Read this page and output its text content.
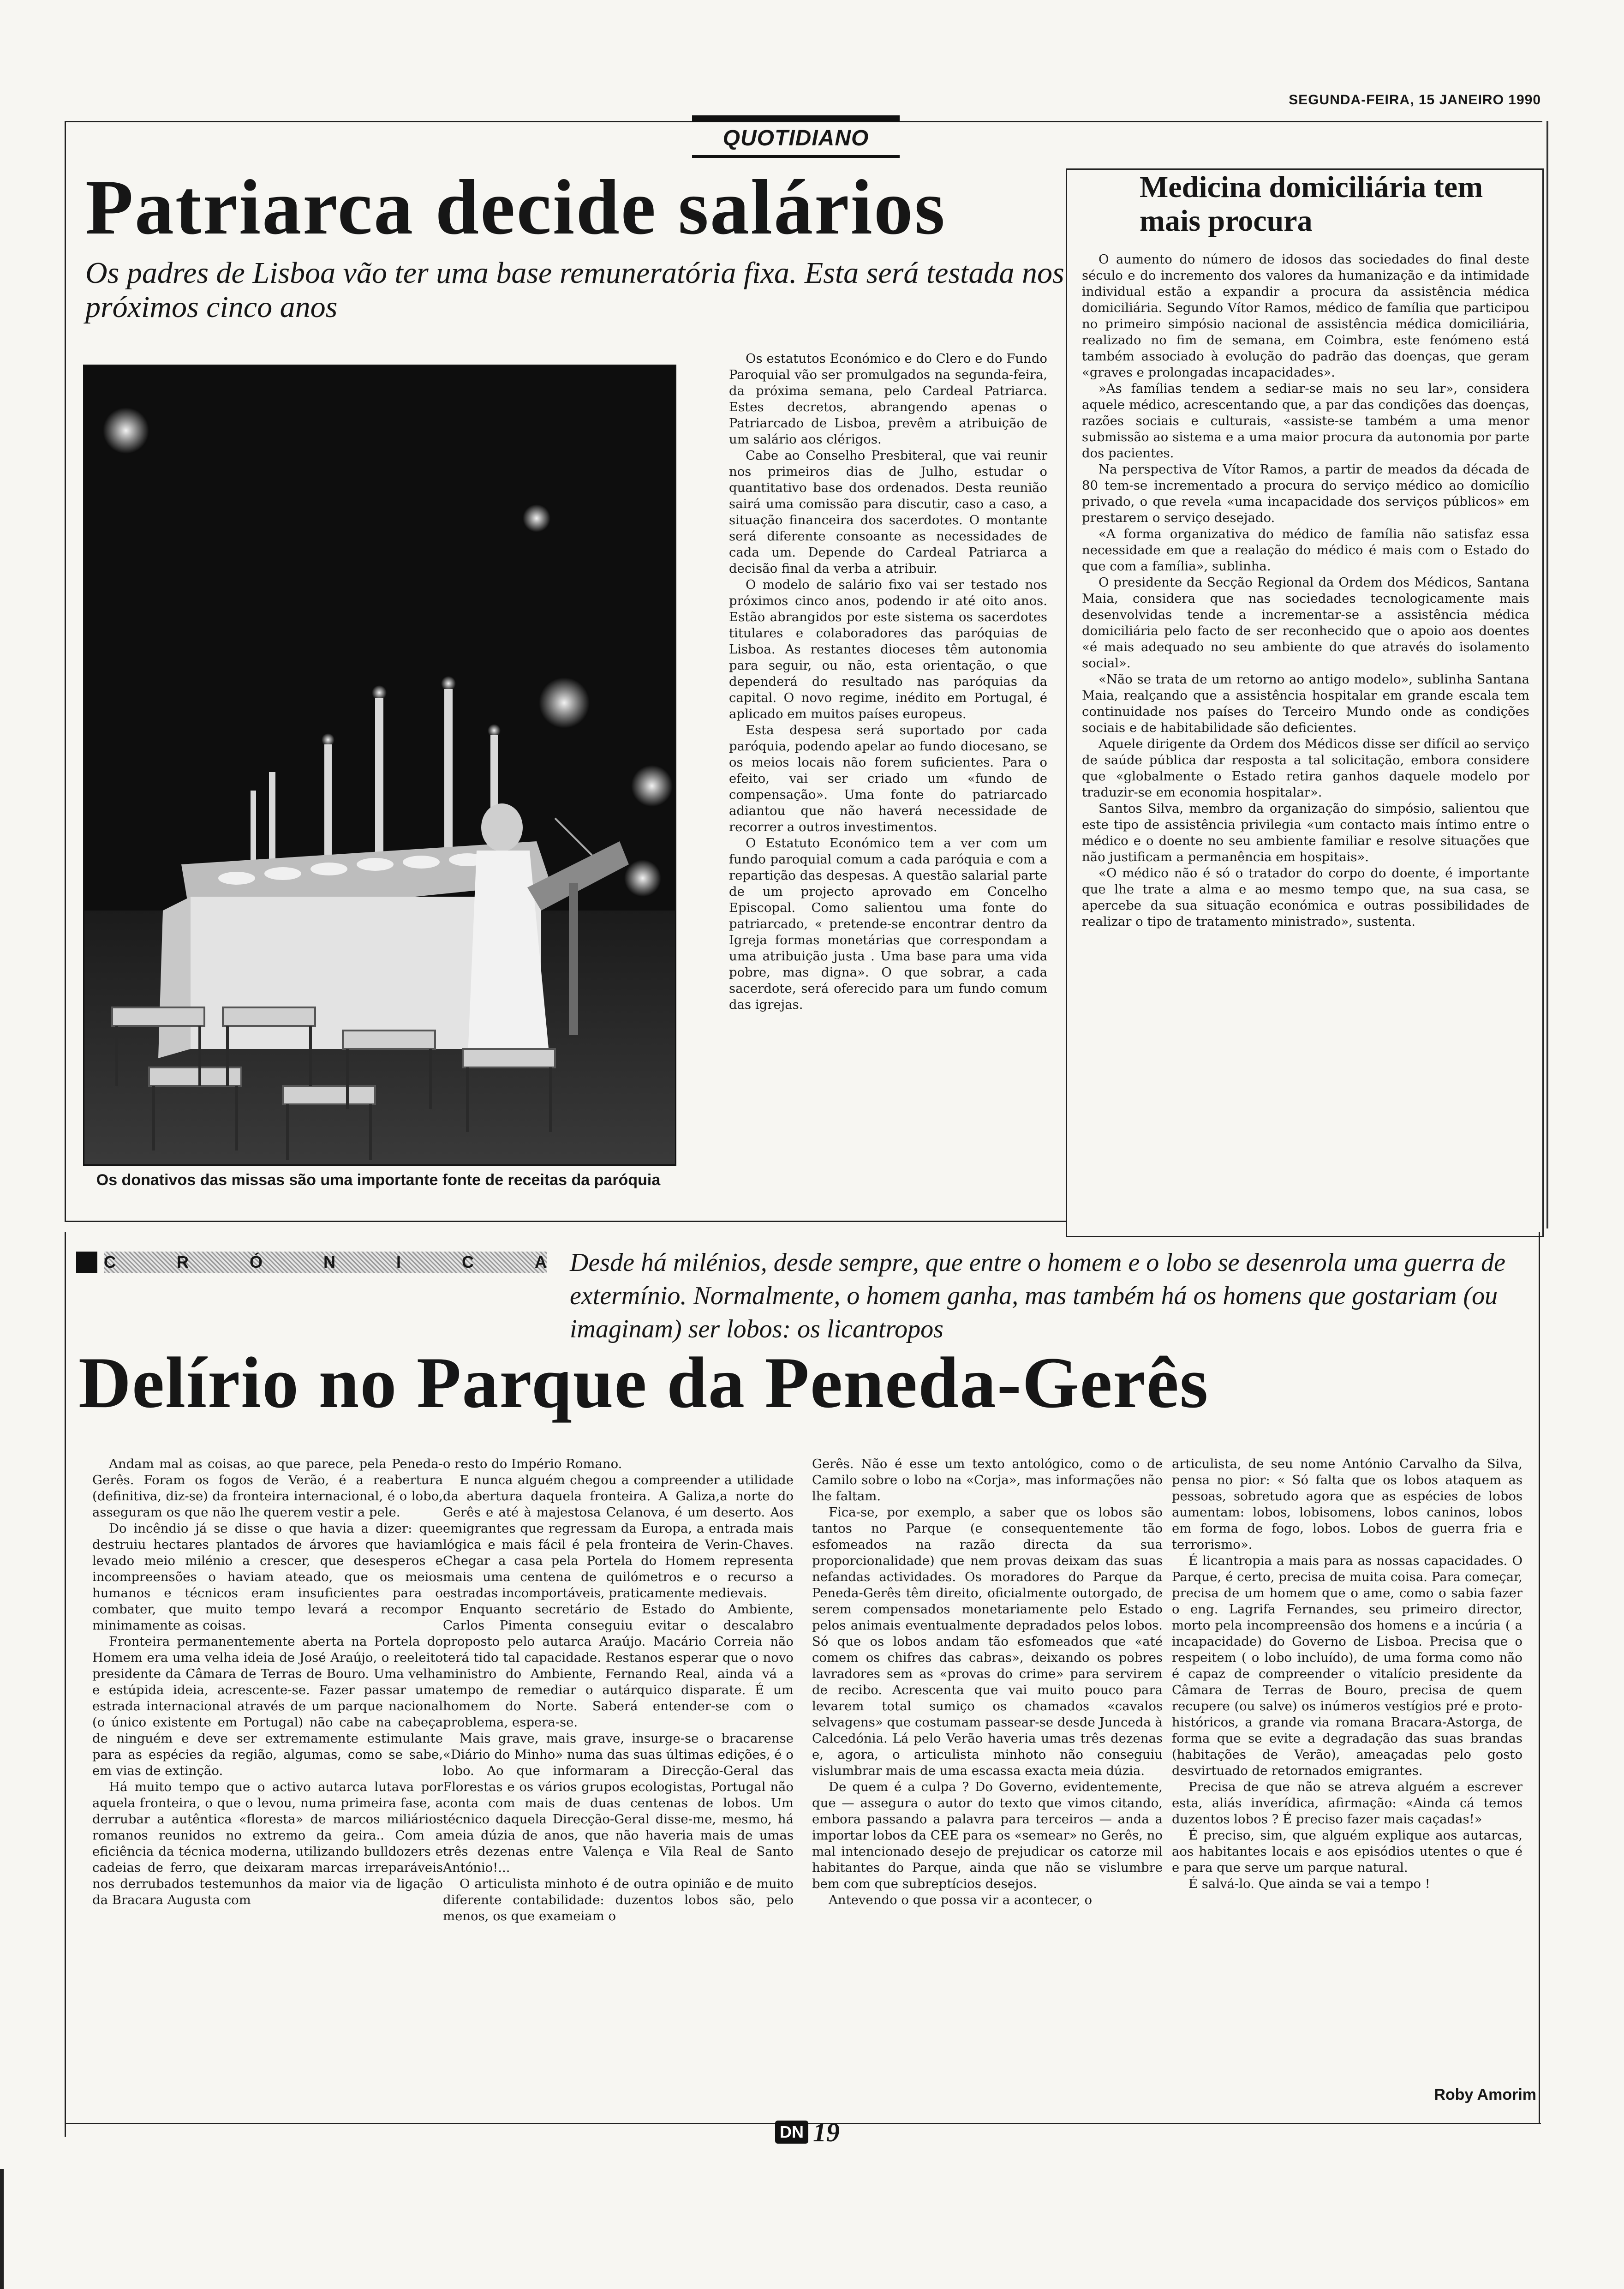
SEGUNDA-FEIRA, 15 JANEIRO 1990
QUOTIDIANO
Patriarca decide salários
Os padres de Lisboa vão ter uma base remuneratória fixa. Esta será testada nos próximos cinco anos
Os donativos das missas são uma importante fonte de receitas da paróquia

Os estatutos Económico e do Clero e do Fundo Paroquial vão ser promulgados na segunda-feira, da próxima semana, pelo Cardeal Patriarca. Estes decretos, abrangendo apenas o Patriarcado de Lisboa, prevêm a atribuição de um salário aos clérigos.

Cabe ao Conselho Presbiteral, que vai reunir nos primeiros dias de Julho, estudar o quantitativo base dos ordenados. Desta reunião sairá uma comissão para discutir, caso a caso, a situação financeira dos sacerdotes. O montante será diferente consoante as necessidades de cada um. Depende do Cardeal Patriarca a decisão final da verba a atribuir.

O modelo de salário fixo vai ser testado nos próximos cinco anos, podendo ir até oito anos. Estão abrangidos por este sistema os sacerdotes titulares e colaboradores das paróquias de Lisboa. As restantes dioceses têm autonomia para seguir, ou não, esta orientação, o que dependerá do resultado nas paróquias da capital. O novo regime, inédito em Portugal, é aplicado em muitos países europeus.

Esta despesa será suportado por cada paróquia, podendo apelar ao fundo diocesano, se os meios locais não forem suficientes. Para o efeito, vai ser criado um «fundo de compensação». Uma fonte do patriarcado adiantou que não haverá necessidade de recorrer a outros investimentos.

O Estatuto Económico tem a ver com um fundo paroquial comum a cada paróquia e com a repartição das despesas. A questão salarial parte de um projecto aprovado em Concelho Episcopal. Como salientou uma fonte do patriarcado, « pretende-se encontrar dentro da Igreja formas monetárias que correspondam a uma atribuição justa . Uma base para uma vida pobre, mas digna». O que sobrar, a cada sacerdote, será oferecido para um fundo comum das igrejas.

Medicina domiciliária tem mais procura

O aumento do número de idosos das sociedades do final deste século e do incremento dos valores da humanização e da intimidade individual estão a expandir a procura da assistência médica domiciliária. Segundo Vítor Ramos, médico de família que participou no primeiro simpósio nacional de assistência médica domiciliária, realizado no fim de semana, em Coimbra, este fenómeno está também associado à evolução do padrão das doenças, que geram «graves e prolongadas incapacidades».

»As famílias tendem a sediar-se mais no seu lar», considera aquele médico, acrescentando que, a par das condições das doenças, razões sociais e culturais, «assiste-se também a uma menor submissão ao sistema e a uma maior procura da autonomia por parte dos pacientes.

Na perspectiva de Vítor Ramos, a partir de meados da década de 80 tem-se incrementado a procura do serviço médico ao domicílio privado, o que revela «uma incapacidade dos serviços públicos» em prestarem o serviço desejado.

«A forma organizativa do médico de família não satisfaz essa necessidade em que a realação do médico é mais com o Estado do que com a família», sublinha.

O presidente da Secção Regional da Ordem dos Médicos, Santana Maia, considera que nas sociedades tecnologicamente mais desenvolvidas tende a incrementar-se a assistência médica domiciliária pelo facto de ser reconhecido que o apoio aos doentes «é mais adequado no seu ambiente do que através do isolamento social».

«Não se trata de um retorno ao antigo modelo», sublinha Santana Maia, realçando que a assistência hospitalar em grande escala tem continuidade nos países do Terceiro Mundo onde as condições sociais e de habitabilidade são deficientes.

Aquele dirigente da Ordem dos Médicos disse ser difícil ao serviço de saúde pública dar resposta a tal solicitação, embora considere que «globalmente o Estado retira ganhos daquele modelo por traduzir-se em economia hospitalar».

Santos Silva, membro da organização do simpósio, salientou que este tipo de assistência privilegia «um contacto mais íntimo entre o médico e o doente no seu ambiente familiar e resolve situações que não justificam a permanência em hospitais».

«O médico não é só o tratador do corpo do doente, é importante que lhe trate a alma e ao mesmo tempo que, na sua casa, se apercebe da sua situação económica e outras possibilidades de realizar o tipo de tratamento ministrado», sustenta.

C	R	Ó	N	I	C	A Desde há milénios, desde sempre, que entre o homem e o lobo se desenrola uma guerra de extermínio. Normalmente, o homem ganha, mas também há os homens que gostariam (ou imaginam) ser lobos: os licantropos
Delírio no Parque da Peneda-Gerês

Andam mal as coisas, ao que parece, pela Peneda-Gerês. Foram os fogos de Verão, é a reabertura (definitiva, diz-se) da fronteira internacional, é o lobo, asseguram os que não lhe querem vestir a pele.

Do incêndio já se disse o que havia a dizer: que destruiu hectares plantados de árvores que haviam levado meio milénio a crescer, que desesperos e incompreensões o haviam ateado, que os meios humanos e técnicos eram insuficientes para o combater, que muito tempo levará a recompor minimamente as coisas.

Fronteira permanentemente aberta na Portela do Homem era uma velha ideia de José Araújo, o reeleito presidente da Câmara de Terras de Bouro. Uma velha e estúpida ideia, acrescente-se. Fazer passar uma estrada internacional através de um parque nacional (o único existente em Portugal) não cabe na cabeça de ninguém e deve ser extremamente estimulante para as espécies da região, algumas, como se sabe, em vias de extinção.

Há muito tempo que o activo autarca lutava por aquela fronteira, o que o levou, numa primeira fase, a derrubar a autêntica «floresta» de marcos miliários romanos reunidos no extremo da geira.. Com a eficiência da técnica moderna, utilizando bulldozers e cadeias de ferro, que deixaram marcas irreparáveis nos derrubados testemunhos da maior via de ligação da Bracara Augusta com

o resto do Império Romano.

E nunca alguém chegou a compreender a utilidade da abertura daquela fronteira. A Galiza,a norte do Gerês e até à majestosa Celanova, é um deserto. Aos emigrantes que regressam da Europa, a entrada mais lógica e mais fácil é pela fronteira de Verin-Chaves. Chegar a casa pela Portela do Homem representa mais uma centena de quilómetros e o recurso a estradas incomportáveis, praticamente medievais.

Enquanto secretário de Estado do Ambiente, Carlos Pimenta conseguiu evitar o descalabro proposto pelo autarca Araújo. Macário Correia não terá tido tal capacidade. Restanos esperar que o novo ministro do Ambiente, Fernando Real, ainda vá a tempo de remediar o autárquico disparate. É um homem do Norte. Saberá entender-se com o problema, espera-se.

Mais grave, mais grave, insurge-se o bracarense «Diário do Minho» numa das suas últimas edições, é o lobo. Ao que informaram a Direcção-Geral das Florestas e os vários grupos ecologistas, Portugal não conta com mais de duas centenas de lobos. Um técnico daquela Direcção-Geral disse-me, mesmo, há meia dúzia de anos, que não haveria mais de umas três dezenas entre Valença e Vila Real de Santo António!...

O articulista minhoto é de outra opinião e de muito diferente contabilidade: duzentos lobos são, pelo menos, os que exameiam o

Gerês. Não é esse um texto antológico, como o de Camilo sobre o lobo na «Corja», mas informações não lhe faltam.

Fica-se, por exemplo, a saber que os lobos são tantos no Parque (e consequentemente tão esfomeados na razão directa da sua proporcionalidade) que nem provas deixam das suas nefandas actividades. Os moradores do Parque da Peneda-Gerês têm direito, oficialmente outorgado, de serem compensados monetariamente pelo Estado pelos animais eventualmente depradados pelos lobos. Só que os lobos andam tão esfomeados que «até comem os chifres das cabras», deixando os pobres lavradores sem as «provas do crime» para servirem de recibo. Acrescenta que vai muito pouco para levarem total sumiço os chamados «cavalos selvagens» que costumam passear-se desde Junceda à Calcedónia. Lá pelo Verão haveria umas três dezenas e, agora, o articulista minhoto não conseguiu vislumbrar mais de uma escassa exacta meia dúzia.

De quem é a culpa ? Do Governo, evidentemente, que — assegura o autor do texto que vimos citando, embora passando a palavra para terceiros — anda a importar lobos da CEE para os «semear» no Gerês, no mal intencionado desejo de prejudicar os catorze mil habitantes do Parque, ainda que não se vislumbre bem com que subreptícios desejos.

Antevendo o que possa vir a acontecer, o

articulista, de seu nome António Carvalho da Silva, pensa no pior: « Só falta que os lobos ataquem as pessoas, sobretudo agora que as espécies de lobos aumentam: lobos, lobisomens, lobos caninos, lobos em forma de fogo, lobos. Lobos de guerra fria e terrorismo».

É licantropia a mais para as nossas capacidades. O Parque, é certo, precisa de muita coisa. Para começar, precisa de um homem que o ame, como o sabia fazer o eng. Lagrifa Fernandes, seu primeiro director, morto pela incompreensão dos homens e a incúria ( a incapacidade) do Governo de Lisboa. Precisa que o respeitem ( o lobo incluído), de uma forma como não é capaz de compreender o vitalício presidente da Câmara de Terras de Bouro, precisa de quem recupere (ou salve) os inúmeros vestígios pré e proto-históricos, a grande via romana Bracara-Astorga, de forma que se evite a degradação das suas brandas (habitações de Verão), ameaçadas pelo gosto desvirtuado de retornados emigrantes.

Precisa de que não se atreva alguém a escrever esta, aliás inverídica, afirmação: «Ainda cá temos duzentos lobos ? É preciso fazer mais caçadas!»

É preciso, sim, que alguém explique aos autarcas, aos habitantes locais e aos episódios utentes o que é e para que serve um parque natural.

É salvá-lo. Que ainda se vai a tempo !

Roby Amorim
DN 19
